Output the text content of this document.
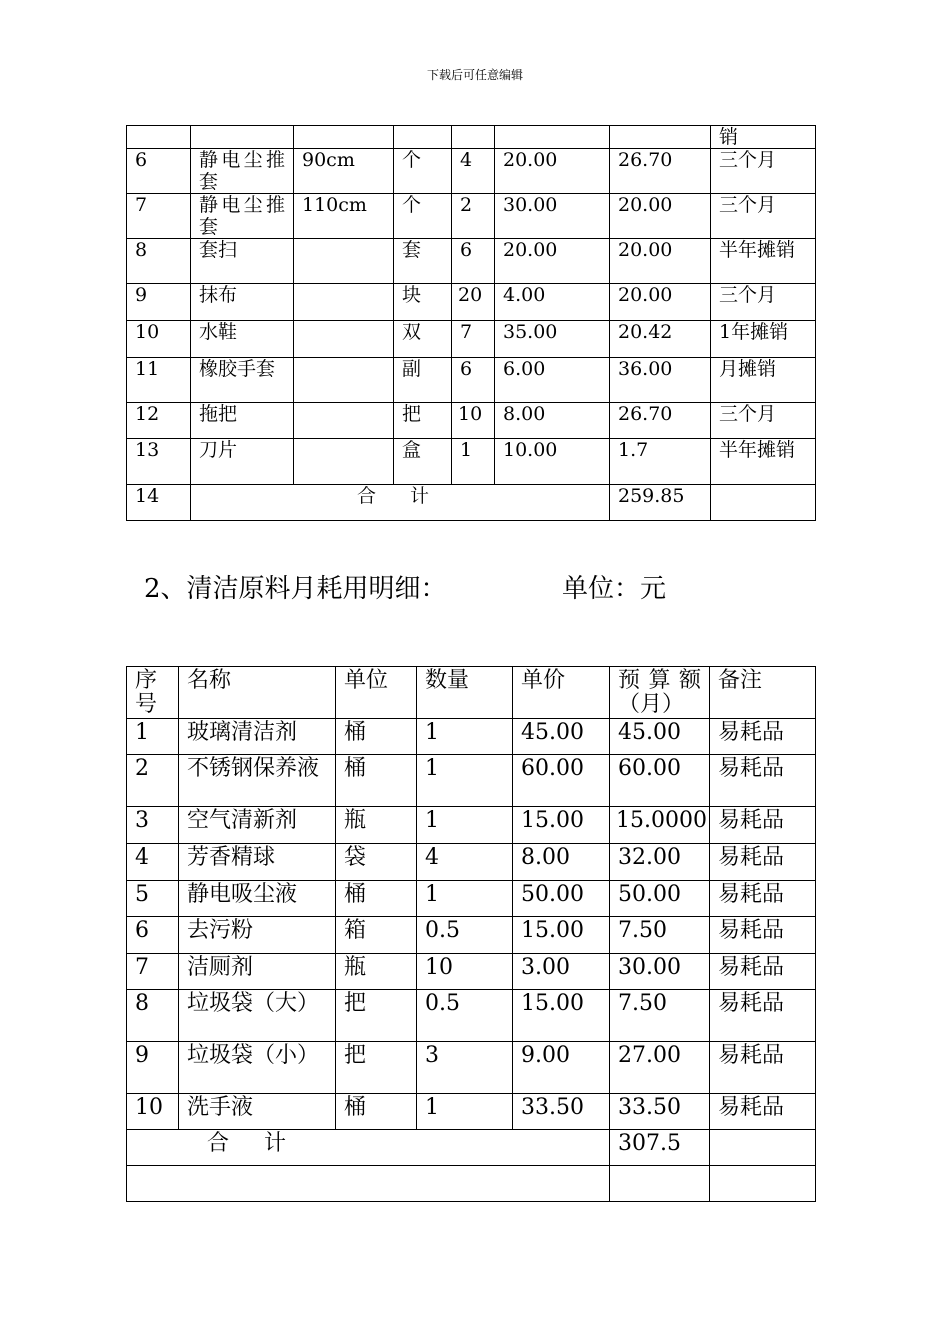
下载后可任意编辑
							销
6	静电尘推套	90cm	个	4	20.00	26.70	三个月
7	静电尘推套	110cm	个	2	30.00	20.00	三个月
8	套扫		套	6	20.00	20.00	半年摊销
9	抹布		块	20	4.00	20.00	三个月
10	水鞋		双	7	35.00	20.42	1年摊销
11	橡胶手套		副	6	6.00	36.00	月摊销
12	拖把		把	10	8.00	26.70	三个月
13	刀片		盒	1	10.00	1.7	半年摊销
14	合 计					259.85	
2、清洁原料月耗用明细：	单位：元
序号	名称	单位	数量	单价	预算额（月）	备注
1	玻璃清洁剂	桶	1	45.00	45.00	易耗品
2	不锈钢保养液	桶	1	60.00	60.00	易耗品
3	空气清新剂	瓶	1	15.00	15.0000	易耗品
4	芳香精球	袋	4	8.00	32.00	易耗品
5	静电吸尘液	桶	1	50.00	50.00	易耗品
6	去污粉	箱	0.5	15.00	7.50	易耗品
7	洁厕剂	瓶	10	3.00	30.00	易耗品
8	垃圾袋（大）	把	0.5	15.00	7.50	易耗品
9	垃圾袋（小）	把	3	9.00	27.00	易耗品
10	洗手液	桶	1	33.50	33.50	易耗品
合 计					307.5	
